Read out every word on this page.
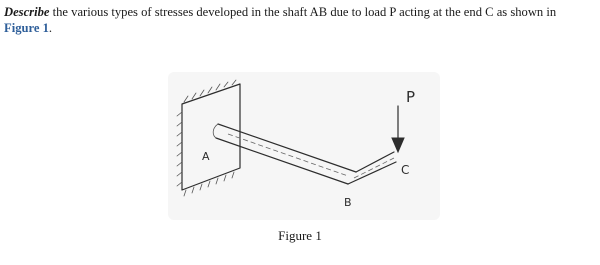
Describe the various types of stresses developed in the shaft AB due to load P acting at the end C as shown in Figure 1.
A
B
C
P
Figure 1
